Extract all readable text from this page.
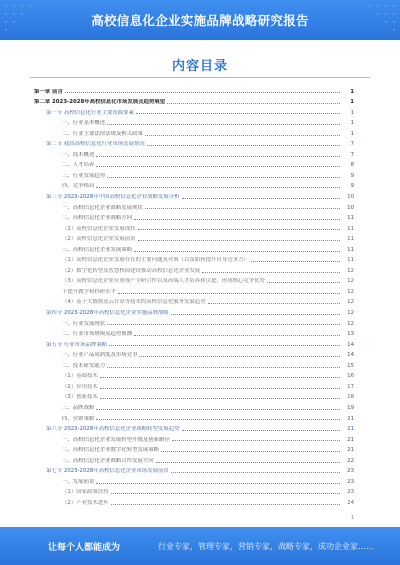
高校信息化企业实施品牌战略研究报告
内容目录
第一章 前言	1
第二章 2023-2028年高校信息化市场发展及趋势展望	1
第一节 高校信息化行业主要资源要素	1
一、行业基本概述	1
二、行业主要法律法规及相关政策	1
第二节 我国高校信息化行业市场发展情况	7
一、技术概述	7
二、人才培养	8
三、行业发展趋势	9
四、竞争格局	9
第三节 2023-2028年中国高校信息化企业战略发展分析	10
一、高校信息化企业战略发展现状	10
二、高校信息化企业战略方向	11
（1）高校信息化企业发展现状	11
（2）高校信息化企业发展前景	11
三、高校信息化企业发展策略	11
（1）高校信息化企业发展存在的主要问题及对策（以及如何提升自身竞争力）	11
（2）数字化转型及智慧校园建设推动高校信息化企业发展	12
（3）高校信息化企业应重视产学研合作以及高端人才培养和引进，形成核心竞争优势	12
于提升教学和科研水平	12
（4）基于大数据及云计算等技术的高校信息化服务发展趋势	12
第四节 2023-2028年高校信息化企业实施品牌战略	12
一、行业发展现状	12
二、行业市场规模及趋势预测	13
第五节 行业市场品牌策略	14
一、行业产品成熟度及市场竞争	14
二、技术研发能力	15
（1）基础技术	16
（2）应用技术	17
（3）创新技术	18
三、品牌战略	19
四、营销策略	21
第六节 2023-2028年高校信息化企业战略转型发展趋势	21
一、高校信息化企业发展转型升级及创新路径	21
二、高校信息化企业数字化转型发展策略	21
三、高校信息化企业战略合作发展方向	22
第七节 2023-2028年高校信息化企业市场发展前景	23
一、发展前景	23
（1）国家政策扶持	23
（2）产业技术进步	24
1
让每个人都能成为	行业专家，管理专家，营销专家，战略专家，成功企业家……
